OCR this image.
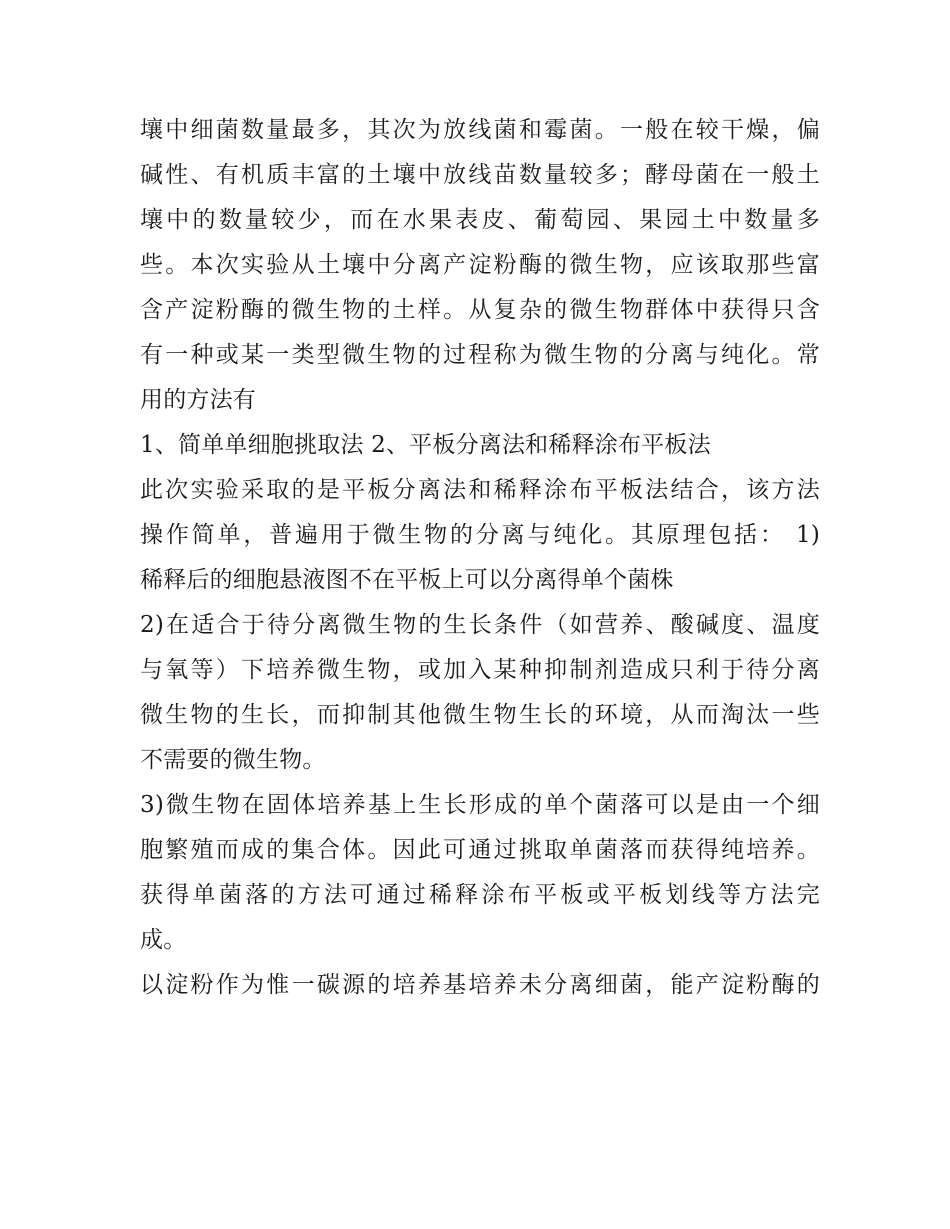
壤中细菌数量最多，其次为放线菌和霉菌。一般在较干燥，偏
碱性、有机质丰富的土壤中放线苗数量较多；酵母菌在一般土
壤中的数量较少，而在水果表皮、葡萄园、果园土中数量多
些。本次实验从土壤中分离产淀粉酶的微生物，应该取那些富
含产淀粉酶的微生物的土样。从复杂的微生物群体中获得只含
有一种或某一类型微生物的过程称为微生物的分离与纯化。常
用的方法有
1、简单单细胞挑取法 2、平板分离法和稀释涂布平板法
此次实验采取的是平板分离法和稀释涂布平板法结合，该方法
操作简单，普遍用于微生物的分离与纯化。其原理包括： 1)
稀释后的细胞悬液图不在平板上可以分离得单个菌株
2)在适合于待分离微生物的生长条件（如营养、酸碱度、温度
与氧等）下培养微生物，或加入某种抑制剂造成只利于待分离
微生物的生长，而抑制其他微生物生长的环境，从而淘汰一些
不需要的微生物。
3)微生物在固体培养基上生长形成的单个菌落可以是由一个细
胞繁殖而成的集合体。因此可通过挑取单菌落而获得纯培养。
获得单菌落的方法可通过稀释涂布平板或平板划线等方法完
成。
以淀粉作为惟一碳源的培养基培养未分离细菌，能产淀粉酶的
